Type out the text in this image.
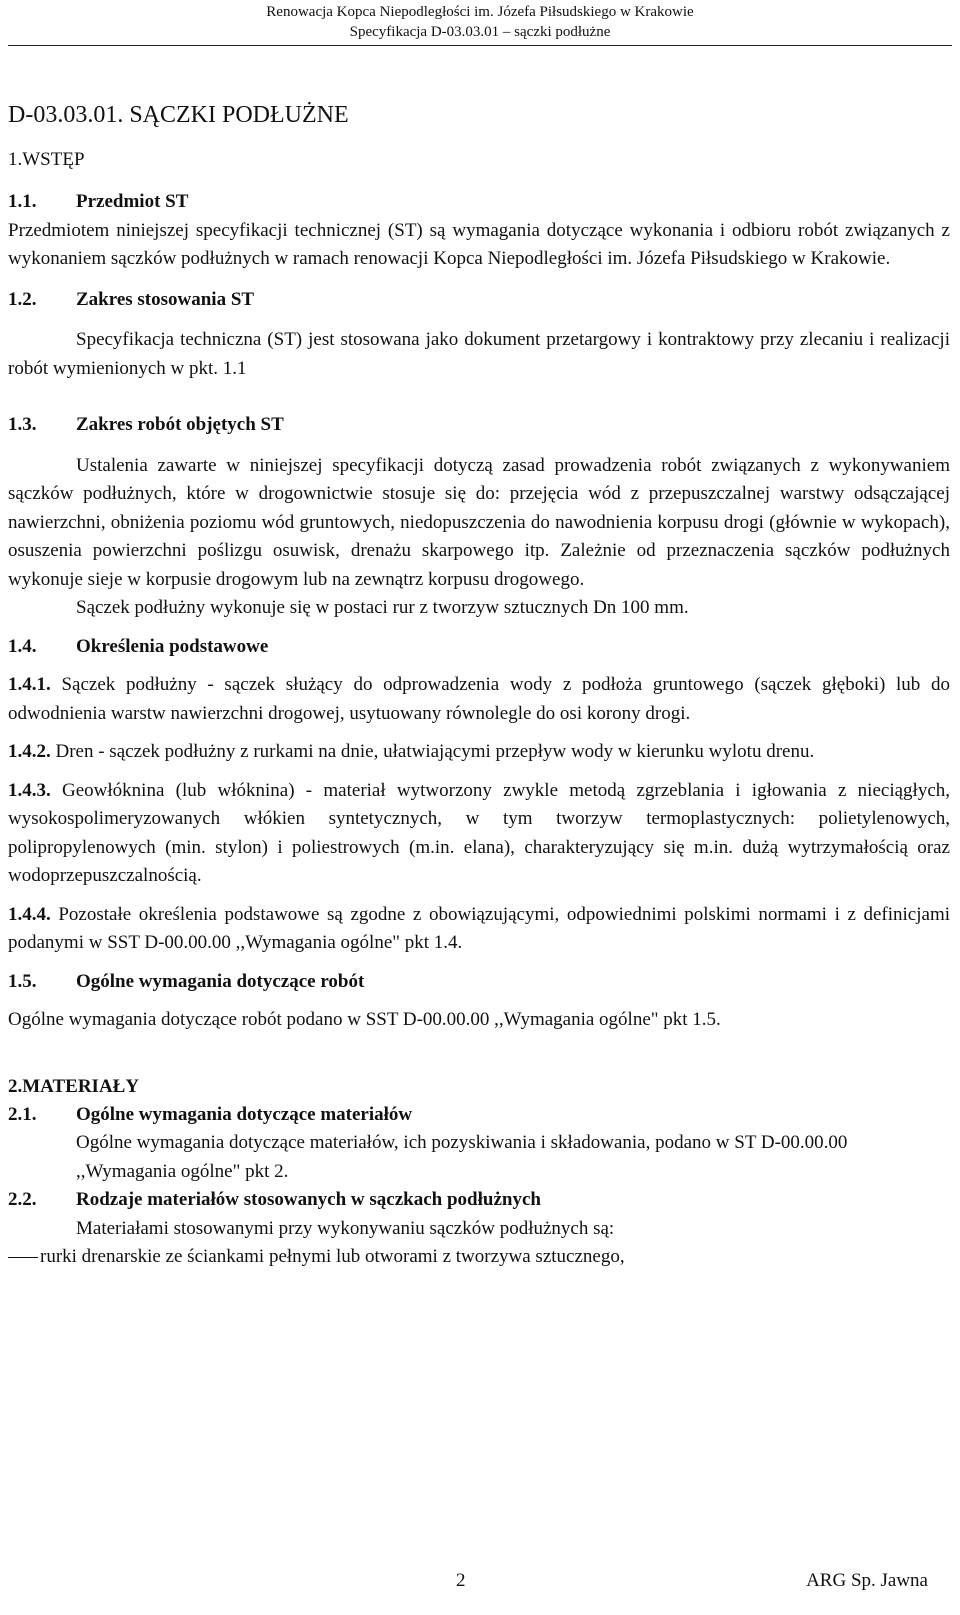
Renowacja Kopca Niepodległości im. Józefa Piłsudskiego w Krakowie
Specyfikacja D-03.03.01 – sączki podłużne
D-03.03.01. SĄCZKI PODŁUŻNE
1.WSTĘP
1.1.	Przedmiot ST

Przedmiotem niniejszej specyfikacji technicznej (ST) są wymagania dotyczące wykonania i odbioru robót związanych z wykonaniem sączków podłużnych w ramach renowacji Kopca Niepodległości im. Józefa Piłsudskiego w Krakowie.

1.2.	Zakres stosowania ST

Specyfikacja techniczna (ST) jest stosowana jako dokument przetargowy i kontraktowy przy zlecaniu i realizacji robót wymienionych w pkt. 1.1

1.3.	Zakres robót objętych ST

Ustalenia zawarte w niniejszej specyfikacji dotyczą zasad prowadzenia robót związanych z wykonywaniem sączków podłużnych, które w drogownictwie stosuje się do: przejęcia wód z przepuszczalnej warstwy odsączającej nawierzchni, obniżenia poziomu wód gruntowych, niedopuszczenia do nawodnienia korpusu drogi (głównie w wykopach), osuszenia powierzchni poślizgu osuwisk, drenażu skarpowego itp. Zależnie od przeznaczenia sączków podłużnych wykonuje sieje w korpusie drogowym lub na zewnątrz korpusu drogowego.

Sączek podłużny wykonuje się w postaci rur z tworzyw sztucznych Dn 100 mm.

1.4.	Określenia podstawowe

1.4.1. Sączek podłużny - sączek służący do odprowadzenia wody z podłoża gruntowego (sączek głęboki) lub do odwodnienia warstw nawierzchni drogowej, usytuowany równolegle do osi korony drogi.

1.4.2. Dren - sączek podłużny z rurkami na dnie, ułatwiającymi przepływ wody w kierunku wylotu drenu.

1.4.3. Geowłóknina (lub włóknina) - materiał wytworzony zwykle metodą zgrzeblania i igłowania z nieciągłych, wysokospolimeryzowanych włókien syntetycznych, w tym tworzyw termoplastycznych: polietylenowych, polipropylenowych (min. stylon) i poliestrowych (m.in. elana), charakteryzujący się m.in. dużą wytrzymałością oraz wodoprzepuszczalnością.

1.4.4. Pozostałe określenia podstawowe są zgodne z obowiązującymi, odpowiednimi polskimi normami i z definicjami podanymi w SST D-00.00.00 ,,Wymagania ogólne" pkt 1.4.

1.5.	Ogólne wymagania dotyczące robót

Ogólne wymagania dotyczące robót podano w SST D-00.00.00 ,,Wymagania ogólne" pkt 1.5.

2.MATERIAŁY
2.1.	Ogólne wymagania dotyczące materiałów

Ogólne wymagania dotyczące materiałów, ich pozyskiwania i składowania, podano w ST D-00.00.00 ,,Wymagania ogólne" pkt 2.

2.2.	Rodzaje materiałów stosowanych w sączkach podłużnych

Materiałami stosowanymi przy wykonywaniu sączków podłużnych są:

rurki drenarskie ze ściankami pełnymi lub otworami z tworzywa sztucznego,
2	ARG Sp. Jawna
